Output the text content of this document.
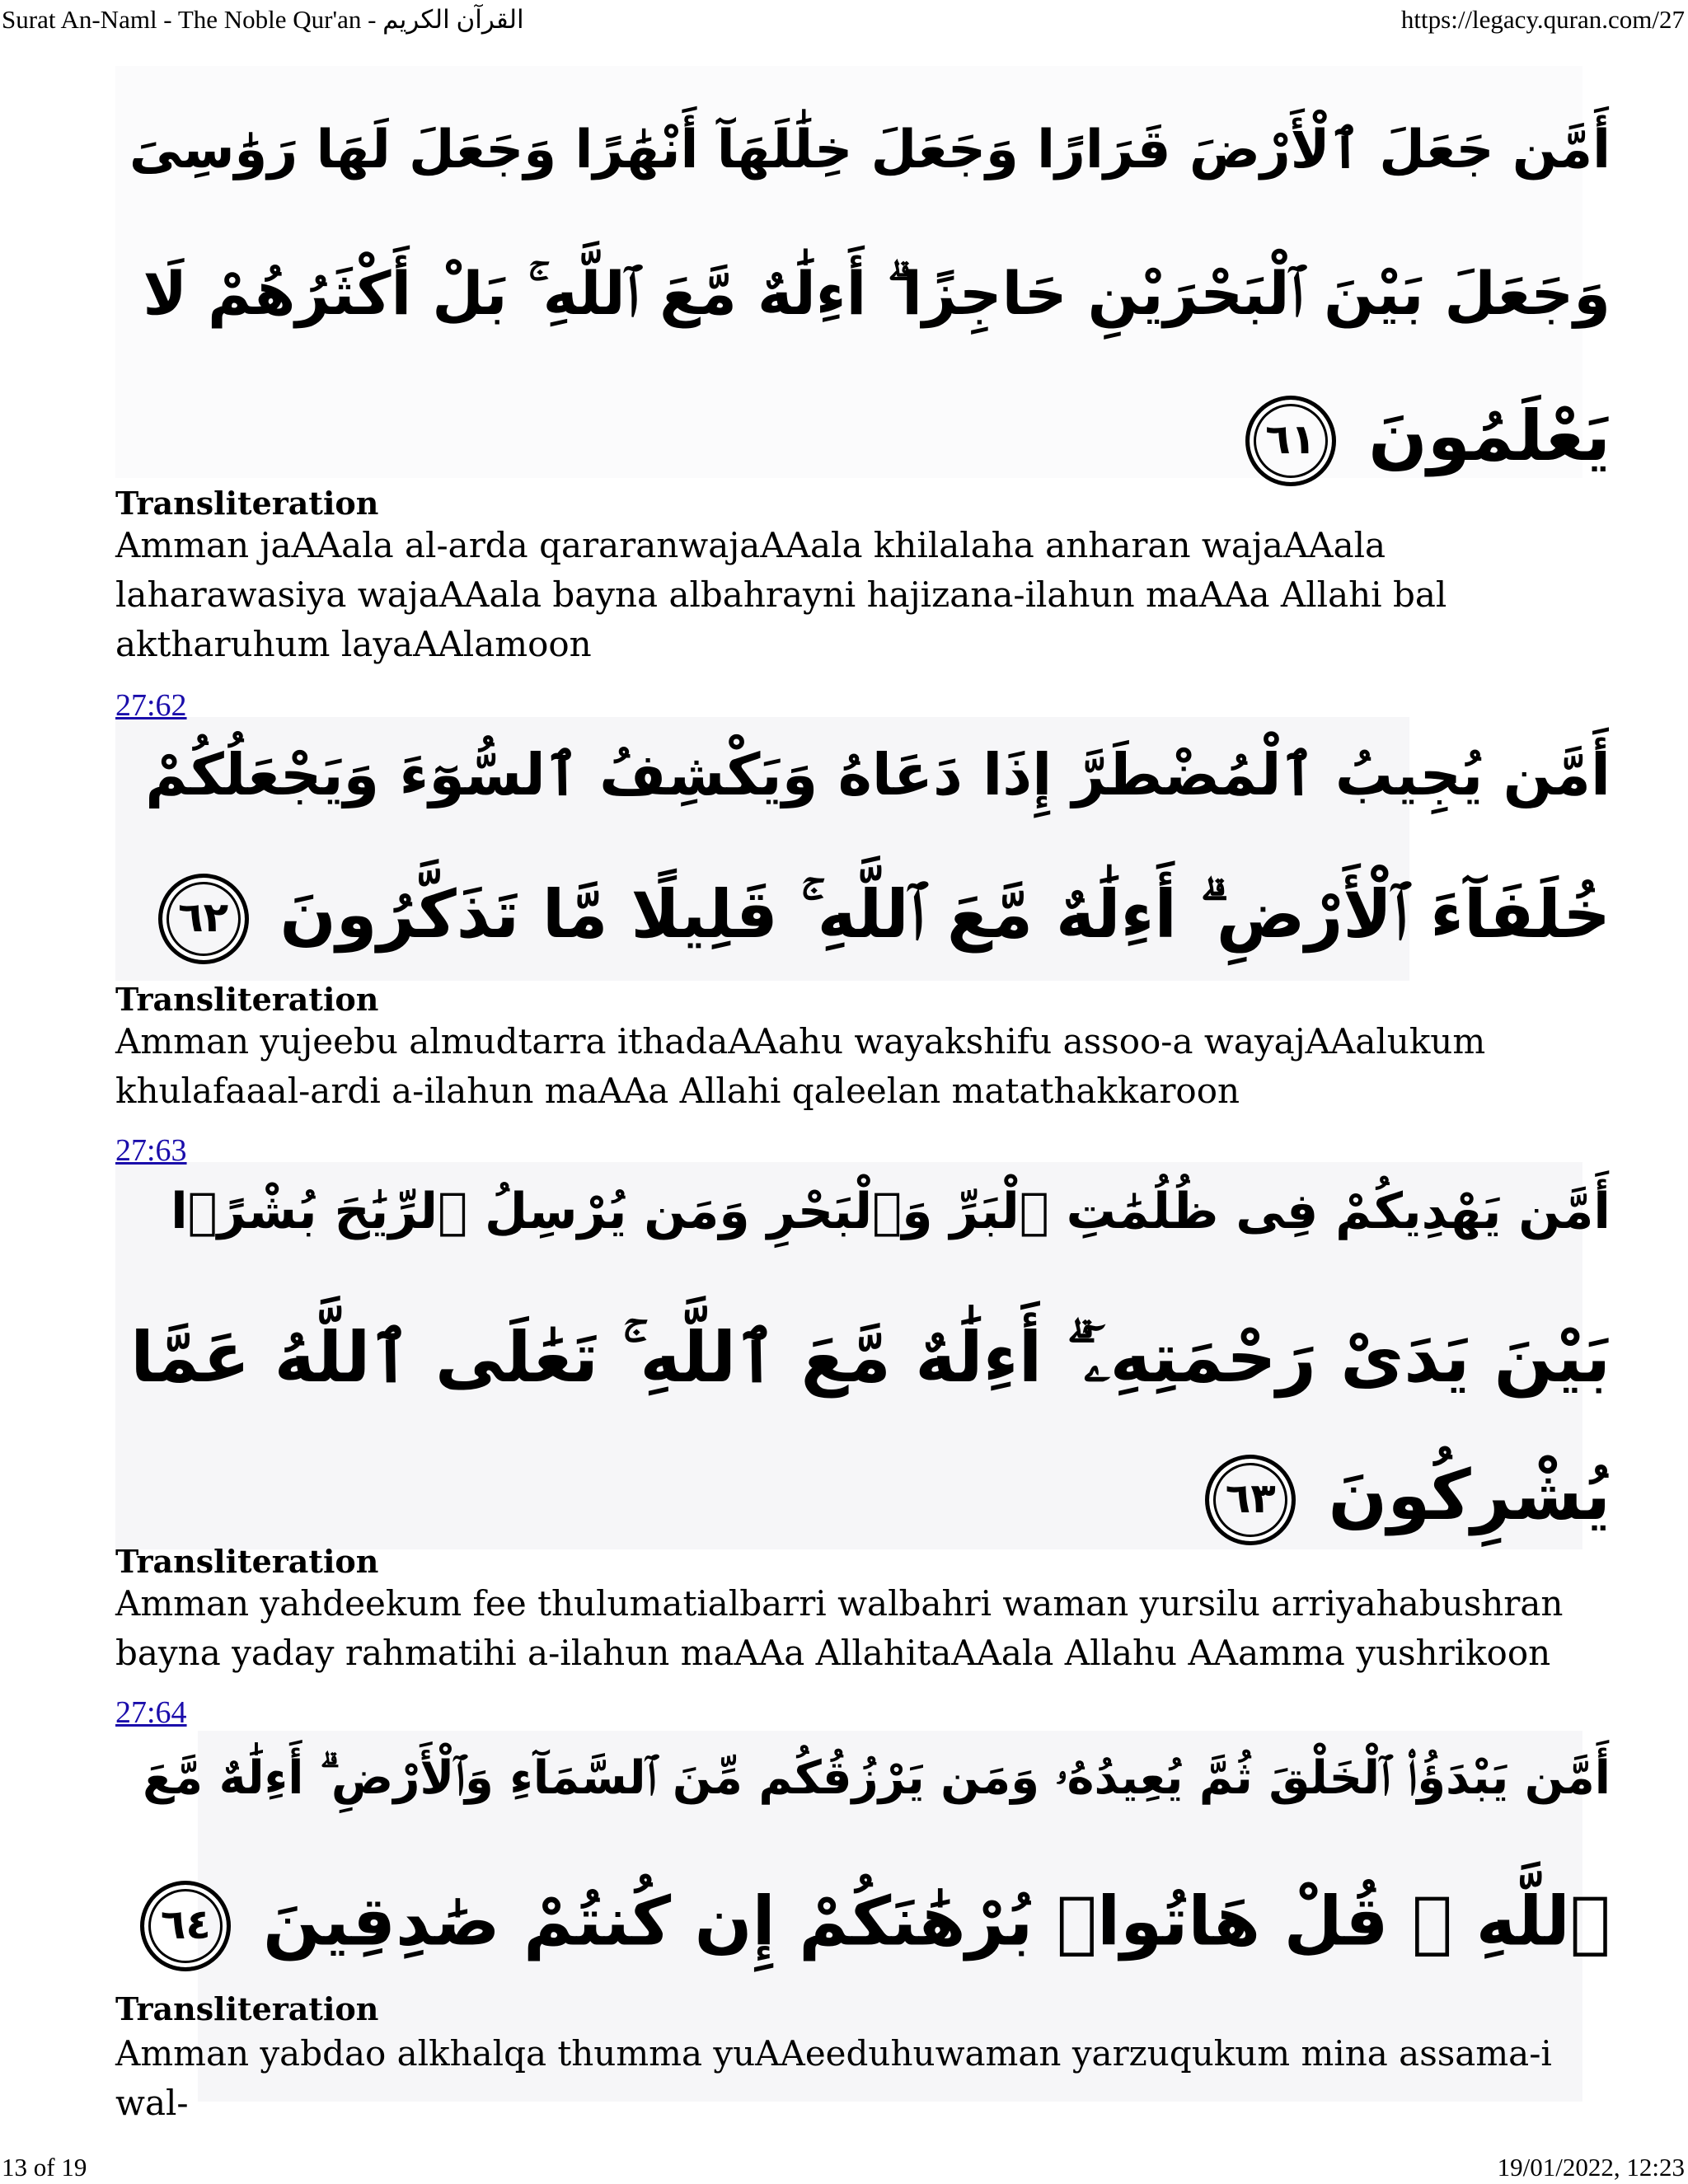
Surat An-Naml - The Noble Qur'an - القرآن الكريم	https://legacy.quran.com/27
13 of 19	19/01/2022, 12:23
أَمَّن جَعَلَ ٱلْأَرْضَ قَرَارًا وَجَعَلَ خِلَٰلَهَآ أَنْهَٰرًا وَجَعَلَ لَهَا رَوَٰسِىَ
وَجَعَلَ بَيْنَ ٱلْبَحْرَيْنِ حَاجِزًا ۗ أَءِلَٰهٌ مَّعَ ٱللَّهِ ۚ بَلْ أَكْثَرُهُمْ لَا
يَعْلَمُونَ ٦١
Transliteration
Amman jaAAala al-arda qararanwajaAAala khilalaha anharan wajaAAala laharawasiya wajaAAala bayna albahrayni hajizana-ilahun maAAa Allahi bal aktharuhum layaAAlamoon
27:62
أَمَّن يُجِيبُ ٱلْمُضْطَرَّ إِذَا دَعَاهُ وَيَكْشِفُ ٱلسُّوٓءَ وَيَجْعَلُكُمْ
خُلَفَآءَ ٱلْأَرْضِ ۗ أَءِلَٰهٌ مَّعَ ٱللَّهِ ۚ قَلِيلًا مَّا تَذَكَّرُونَ ٦٢
Transliteration
Amman yujeebu almudtarra ithadaAAahu wayakshifu assoo-a wayajAAalukum khulafaaal-ardi a-ilahun maAAa Allahi qaleelan matathakkaroon
27:63
أَمَّن يَهْدِيكُمْ فِى ظُلُمَٰتِ ٱلْبَرِّ وَٱلْبَحْرِ وَمَن يُرْسِلُ ٱلرِّيَٰحَ بُشْرًۢا
بَيْنَ يَدَىْ رَحْمَتِهِۦٓ ۗ أَءِلَٰهٌ مَّعَ ٱللَّهِ ۚ تَعَٰلَى ٱللَّهُ عَمَّا
يُشْرِكُونَ ٦٣
Transliteration
Amman yahdeekum fee thulumatialbarri walbahri waman yursilu arriyahabushran bayna yaday rahmatihi a-ilahun maAAa AllahitaAAala Allahu AAamma yushrikoon
27:64
أَمَّن يَبْدَؤُا۟ ٱلْخَلْقَ ثُمَّ يُعِيدُهُۥ وَمَن يَرْزُقُكُم مِّنَ ٱلسَّمَآءِ وَٱلْأَرْضِ ۗ أَءِلَٰهٌ مَّعَ
ٱللَّهِ ۚ قُلْ هَاتُوا۟ بُرْهَٰنَكُمْ إِن كُنتُمْ صَٰدِقِينَ ٦٤
Transliteration
Amman yabdao alkhalqa thumma yuAAeeduhuwaman yarzuqukum mina assama-i wal-
